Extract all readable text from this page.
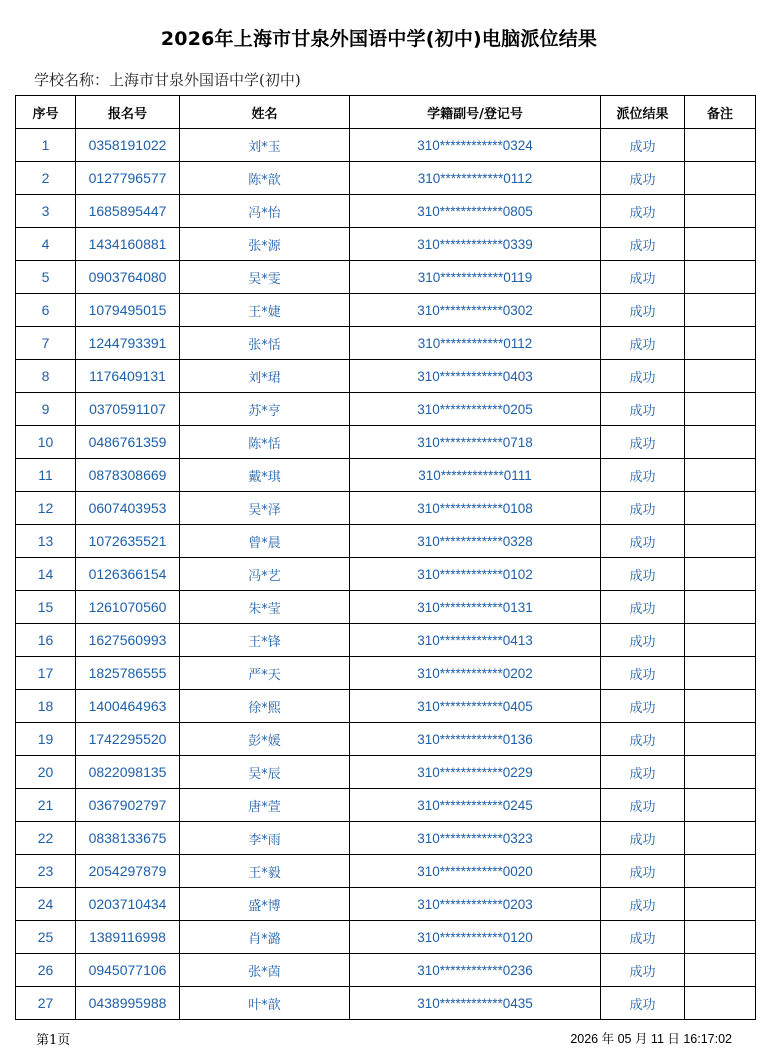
2026年上海市甘泉外国语中学(初中)电脑派位结果
学校名称：上海市甘泉外国语中学(初中)
序号	报名号	姓名	学籍副号/登记号	派位结果	备注
1	0358191022	刘*玉	310************0324	成功	
2	0127796577	陈*歆	310************0112	成功	
3	1685895447	冯*怡	310************0805	成功	
4	1434160881	张*源	310************0339	成功	
5	0903764080	吴*雯	310************0119	成功	
6	1079495015	王*婕	310************0302	成功	
7	1244793391	张*恬	310************0112	成功	
8	1176409131	刘*珺	310************0403	成功	
9	0370591107	苏*亨	310************0205	成功	
10	0486761359	陈*恬	310************0718	成功	
11	0878308669	戴*琪	310************0111	成功	
12	0607403953	吴*泽	310************0108	成功	
13	1072635521	曾*晨	310************0328	成功	
14	0126366154	冯*艺	310************0102	成功	
15	1261070560	朱*莹	310************0131	成功	
16	1627560993	王*锋	310************0413	成功	
17	1825786555	严*天	310************0202	成功	
18	1400464963	徐*熙	310************0405	成功	
19	1742295520	彭*媛	310************0136	成功	
20	0822098135	吴*辰	310************0229	成功	
21	0367902797	唐*萱	310************0245	成功	
22	0838133675	李*雨	310************0323	成功	
23	2054297879	王*毅	310************0020	成功	
24	0203710434	盛*博	310************0203	成功	
25	1389116998	肖*潞	310************0120	成功	
26	0945077106	张*茵	310************0236	成功	
27	0438995988	叶*歆	310************0435	成功	
第1页	2026 年 05 月 11 日 16:17:02
